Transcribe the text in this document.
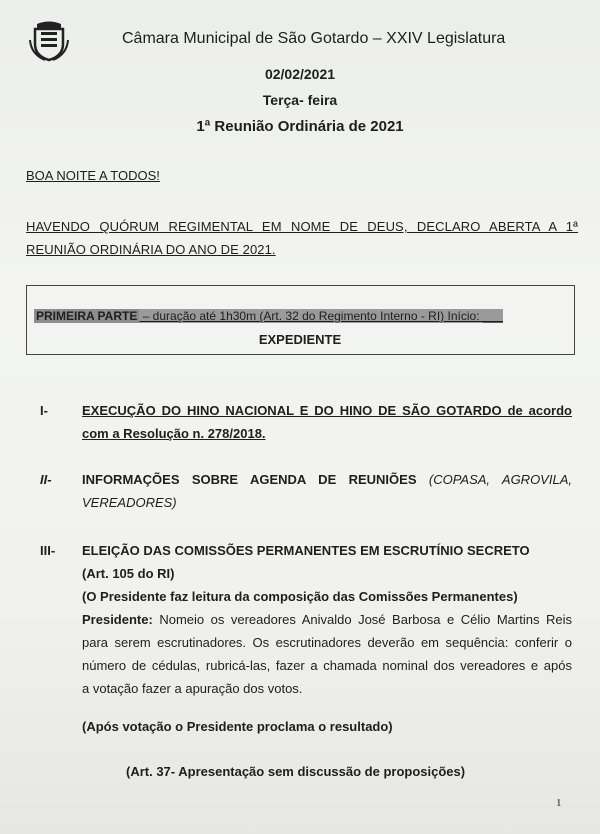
Câmara Municipal de São Gotardo – XXIV Legislatura
02/02/2021
Terça- feira
1ª Reunião Ordinária de 2021
BOA NOITE A TODOS!
HAVENDO QUÓRUM REGIMENTAL EM NOME DE DEUS, DECLARO ABERTA A 1ª
REUNIÃO ORDINÁRIA DO ANO DE 2021.
PRIMEIRA PARTE – duração até 1h30m (Art. 32 do Regimento Interno - RI) Início: ___
EXPEDIENTE
I-	EXECUÇÃO DO HINO NACIONAL E DO HINO DE SÃO GOTARDO de acordo
com a Resolução n. 278/2018.
II- INFORMAÇÕES SOBRE AGENDA DE REUNIÕES (COPASA, AGROVILA,
VEREADORES)
III- ELEIÇÃO DAS COMISSÕES PERMANENTES EM ESCRUTÍNIO SECRETO
(Art. 105 do RI)
(O Presidente faz leitura da composição das Comissões Permanentes)
Presidente: Nomeio os vereadores Anivaldo José Barbosa e Célio Martins Reis
para serem escrutinadores. Os escrutinadores deverão em sequência: conferir o
número de cédulas, rubricá-las, fazer a chamada nominal dos vereadores e após
a votação fazer a apuração dos votos.
(Após votação o Presidente proclama o resultado)
(Art. 37- Apresentação sem discussão de proposições)
1
